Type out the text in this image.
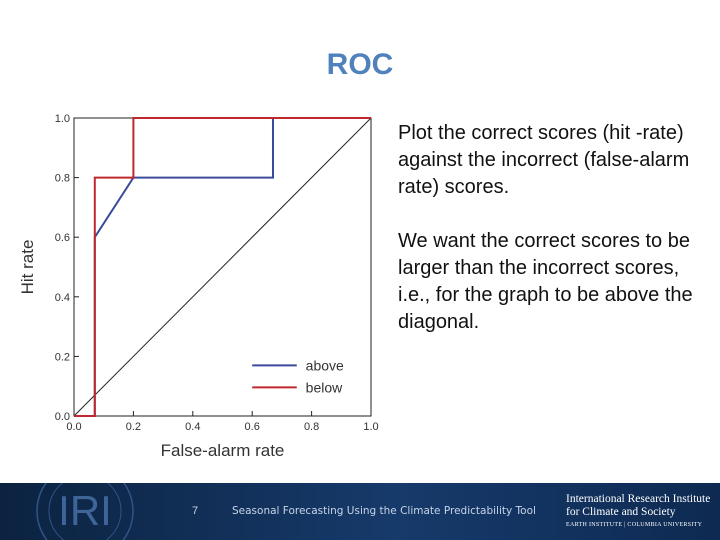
ROC
0.0	0.2	0.4	0.6	0.8	1.0
0.0
0.2
0.4
0.6
0.8
1.0
False-alarm rate
Hit rate
above
below

Plot the correct scores (hit -rate) against the incorrect (false-alarm rate) scores.

We want the correct scores to be larger than the incorrect scores, i.e., for the graph to be above the diagonal.

IRI	7	Seasonal Forecasting Using the Climate Predictability Tool
International Research Institute
for Climate and Society
EARTH INSTITUTE | COLUMBIA UNIVERSITY
